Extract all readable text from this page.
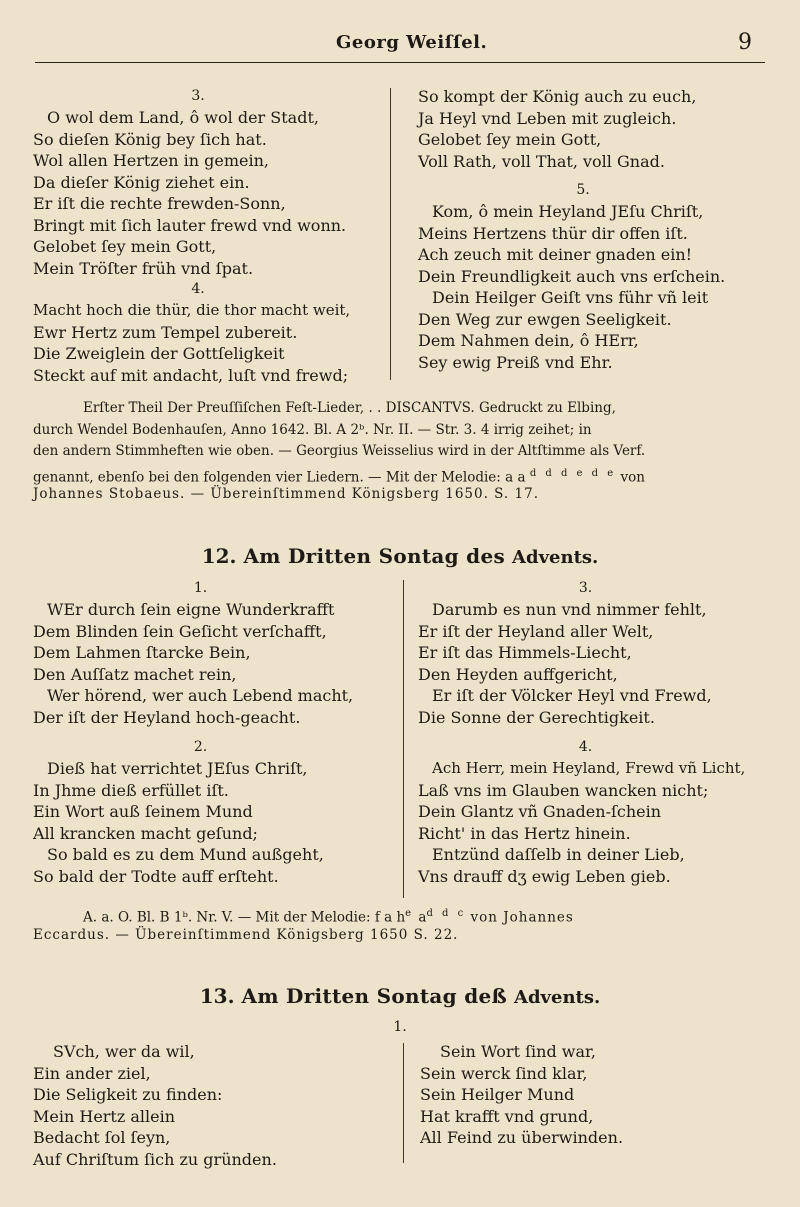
Georg Weiſſel.	9
3.
O wol dem Land, ô wol der Stadt,
So dieſen König bey ſich hat.
Wol allen Hertzen in gemein,
Da dieſer König ziehet ein.
Er iſt die rechte frewden-Sonn,
Bringt mit ſich lauter frewd vnd wonn.
Gelobet ſey mein Gott,
Mein Tröſter früh vnd ſpat.
4.
Macht hoch die thür, die thor macht weit,
Ewr Hertz zum Tempel zubereit.
Die Zweiglein der Gottſeligkeit
Steckt auf mit andacht, luſt vnd frewd;
So kompt der König auch zu euch,
Ja Heyl vnd Leben mit zugleich.
Gelobet ſey mein Gott,
Voll Rath, voll That, voll Gnad.
5.
Kom, ô mein Heyland JEſu Chriſt,
Meins Hertzens thür dir offen iſt.
Ach zeuch mit deiner gnaden ein!
Dein Freundligkeit auch vns erſchein.
Dein Heilger Geiſt vns führ vñ leit
Den Weg zur ewgen Seeligkeit.
Dem Nahmen dein, ô HErr,
Sey ewig Preiß vnd Ehr.
Erſter Theil Der Preuſſiſchen Feſt-Lieder, . . DISCANTVS. Gedruckt zu Elbing,
durch Wendel Bodenhauſen, Anno 1642. Bl. A 2ᵇ. Nr. II. — Str. 3. 4 irrig zeihet; in
den andern Stimmheften wie oben. — Georgius Weisselius wird in der Altſtimme als Verf.
genannt, ebenſo bei den folgenden vier Liedern. — Mit der Melodie: a a $^{d d d e d e}$ von
Johannes Stobaeus. — Übereinſtimmend Königsberg 1650. S. 17.
12. Am Dritten Sontag des Advents.
1.
WEr durch ſein eigne Wunderkrafft
Dem Blinden ſein Geſicht verſchafft,
Dem Lahmen ſtarcke Bein,
Den Auſſatz machet rein,
Wer hörend, wer auch Lebend macht,
Der iſt der Heyland hoch-geacht.
2.
Dieß hat verrichtet JEſus Chriſt,
In Jhme dieß erfüllet iſt.
Ein Wort auß ſeinem Mund
All krancken macht geſund;
So bald es zu dem Mund außgeht,
So bald der Todte auff erſteht.
3.
Darumb es nun vnd nimmer fehlt,
Er iſt der Heyland aller Welt,
Er iſt das Himmels-Liecht,
Den Heyden auffgericht,
Er iſt der Völcker Heyl vnd Frewd,
Die Sonne der Gerechtigkeit.
4.
Ach Herr, mein Heyland, Frewd vñ Licht,
Laß vns im Glauben wancken nicht;
Dein Glantz vñ Gnaden-ſchein
Richt' in das Hertz hinein.
Entzünd daſſelb in deiner Lieb,
Vns drauff dʒ ewig Leben gieb.
A. a. O. Bl. B 1ᵇ. Nr. V. — Mit der Melodie: f a $h^e$ $a^{d d c}$ von Johannes
Eccardus. — Übereinſtimmend Königsberg 1650 S. 22.
13. Am Dritten Sontag deß Advents.
1.
SVch, wer da wil,
Ein ander ziel,
Die Seligkeit zu finden:
Mein Hertz allein
Bedacht ſol ſeyn,
Auf Chriſtum ſich zu gründen.
Sein Wort ſind war,
Sein werck ſind klar,
Sein Heilger Mund
Hat krafft vnd grund,
All Feind zu überwinden.
